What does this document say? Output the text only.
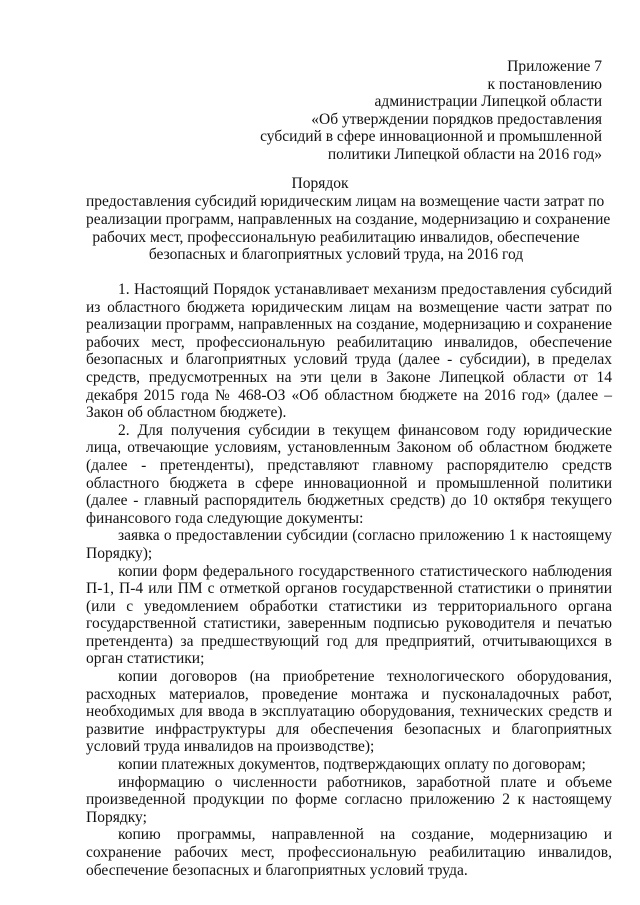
Приложение 7
к постановлению
администрации Липецкой области
«Об утверждении порядков предоставления
субсидий в сфере инновационной и промышленной
политики Липецкой области на 2016 год»
Порядок
предоставления субсидий юридическим лицам на возмещение части затрат по
реализации программ, направленных на создание, модернизацию и сохранение
рабочих мест, профессиональную реабилитацию инвалидов, обеспечение
безопасных и благоприятных условий труда, на 2016 год

1. Настоящий Порядок устанавливает механизм предоставления субсидий из областного бюджета юридическим лицам на возмещение части затрат по реализации программ, направленных на создание, модернизацию и сохранение рабочих мест, профессиональную реабилитацию инвалидов, обеспечение безопасных и благоприятных условий труда (далее - субсидии), в пределах средств, предусмотренных на эти цели в Законе Липецкой области от 14 декабря 2015 года № 468-ОЗ «Об областном бюджете на 2016 год» (далее – Закон об областном бюджете).

2. Для получения субсидии в текущем финансовом году юридические лица, отвечающие условиям, установленным Законом об областном бюджете (далее - претенденты), представляют главному распорядителю средств областного бюджета в сфере инновационной и промышленной политики (далее - главный распорядитель бюджетных средств) до 10 октября текущего финансового года следующие документы:

заявка о предоставлении субсидии (согласно приложению 1 к настоящему Порядку);

копии форм федерального государственного статистического наблюдения П-1, П-4 или ПМ с отметкой органов государственной статистики о принятии (или с уведомлением обработки статистики из территориального органа государственной статистики, заверенным подписью руководителя и печатью претендента) за предшествующий год для предприятий, отчитывающихся в орган статистики;

копии договоров (на приобретение технологического оборудования, расходных материалов, проведение монтажа и пусконаладочных работ, необходимых для ввода в эксплуатацию оборудования, технических средств и развитие инфраструктуры для обеспечения безопасных и благоприятных условий труда инвалидов на производстве);

копии платежных документов, подтверждающих оплату по договорам;

информацию о численности работников, заработной плате и объеме произведенной продукции по форме согласно приложению 2 к настоящему Порядку;

копию программы, направленной на создание, модернизацию и сохранение рабочих мест, профессиональную реабилитацию инвалидов, обеспечение безопасных и благоприятных условий труда.
